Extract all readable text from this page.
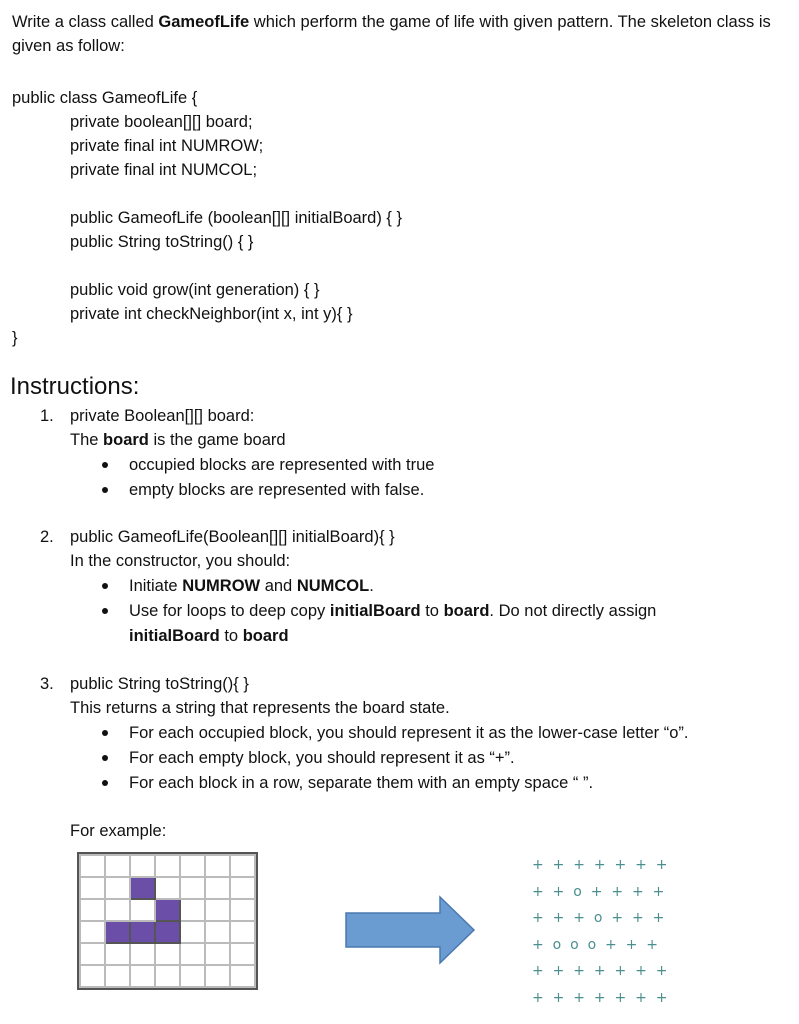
Write a class called GameofLife which perform the game of life with given pattern. The skeleton class is given as follow:
public class GameofLife {
private boolean[][] board;
private final int NUMROW;
private final int NUMCOL;
public GameofLife (boolean[][] initialBoard) { }
public String toString() { }
public void grow(int generation) { }
private int checkNeighbor(int x, int y){ }
}
Instructions:
1. private Boolean[][] board:
The board is the game board
occupied blocks are represented with true
empty blocks are represented with false.
2. public GameofLife(Boolean[][] initialBoard){ }
In the constructor, you should:
Initiate NUMROW and NUMCOL.
Use for loops to deep copy initialBoard to board. Do not directly assign
initialBoard to board
3. public String toString(){ }
This returns a string that represents the board state.
For each occupied block, you should represent it as the lower-case letter “o”.
For each empty block, you should represent it as “+”.
For each block in a row, separate them with an empty space “ ”.
For example:

+  +  +  +  +  +  +
+  +  o  +  +  +  +
+  +  +  o  +  +  +
+  o  o  o  +  +  +
+  +  +  +  +  +  +
+  +  +  +  +  +  +
